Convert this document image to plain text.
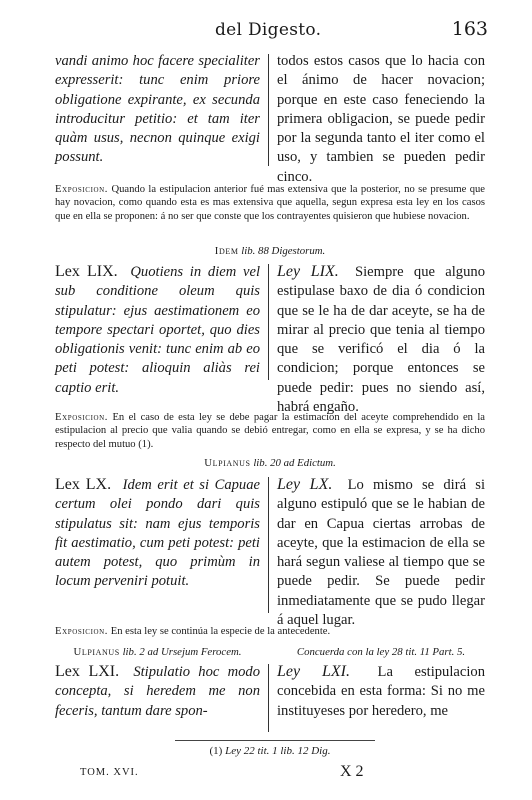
del Digesto.	163
vandi animo hoc facere specialiter expresserit: tunc enim priore obligatione expirante, ex secunda introducitur petitio: et tam iter quàm usus, necnon quinque exigi possunt.
todos estos casos que lo hacia con el ánimo de hacer novacion; porque en este caso feneciendo la primera obligacion, se puede pedir por la segunda tanto el iter como el uso, y tambien se pueden pedir cinco.
Exposicion. Quando la estipulacion anterior fué mas extensiva que la posterior, no se presume que hay novacion, como quando esta es mas extensiva que aquella, segun expresa esta ley en los casos que en ella se proponen: á no ser que conste que los contrayentes quisieron que hubiese novacion.
Idem lib. 88 Digestorum.
Lex LIX. Quotiens in diem vel sub conditione oleum quis stipulatur: ejus aestimationem eo tempore spectari oportet, quo dies obligationis venit: tunc enim ab eo peti potest: alioquin aliàs rei captio erit.
Ley LIX. Siempre que alguno estipulase baxo de dia ó condicion que se le ha de dar aceyte, se ha de mirar al precio que tenia al tiempo que se verificó el dia ó la condicion; porque entonces se puede pedir: pues no siendo así, habrá engaño.
Exposicion. En el caso de esta ley se debe pagar la estimacion del aceyte comprehendido en la estipulacion al precio que valia quando se debió entregar, como en ella se expresa, y se ha dicho respecto del mutuo (1).
Ulpianus lib. 20 ad Edictum.
Lex LX. Idem erit et si Capuae certum olei pondo dari quis stipulatus sit: nam ejus temporis fit aestimatio, cum peti potest: peti autem potest, quo primùm in locum perveniri potuit.
Ley LX. Lo mismo se dirá si alguno estipuló que se le habian de dar en Capua ciertas arrobas de aceyte, que la estimacion de ella se hará segun valiese al tiempo que se puede pedir. Se puede pedir inmediatamente que se pudo llegar á aquel lugar.
Exposicion. En esta ley se continúa la especie de la antecedente.
Ulpianus lib. 2 ad Ursejum Ferocem.	Concuerda con la ley 28 tit. 11 Part. 5.
Lex LXI. Stipulatio hoc modo concepta, si heredem me non feceris, tantum dare spon-
Ley LXI. La estipulacion concebida en esta forma: Si no me instituyeses por heredero, me
(1) Ley 22 tit. 1 lib. 12 Dig.
TOM. XVI.	X 2
